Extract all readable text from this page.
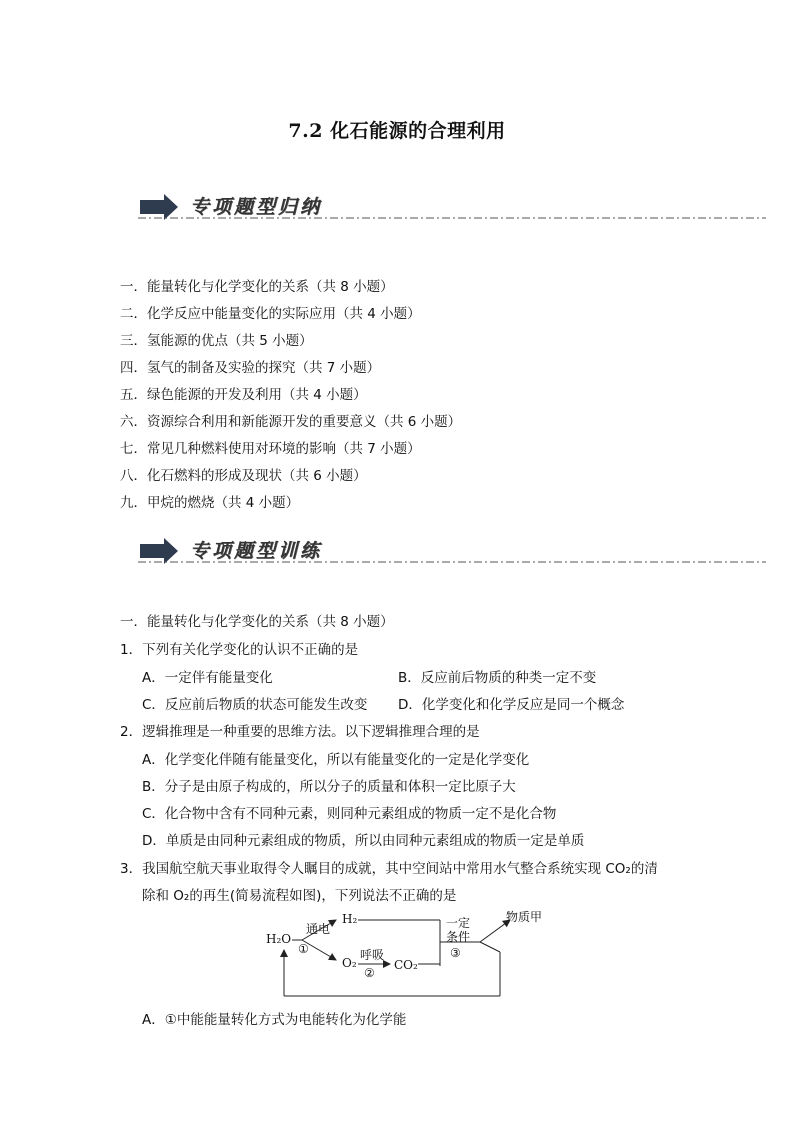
7.2 化石能源的合理利用
专项题型归纳
一．能量转化与化学变化的关系（共 8 小题）
二．化学反应中能量变化的实际应用（共 4 小题）
三．氢能源的优点（共 5 小题）
四．氢气的制备及实验的探究（共 7 小题）
五．绿色能源的开发及利用（共 4 小题）
六．资源综合利用和新能源开发的重要意义（共 6 小题）
七．常见几种燃料使用对环境的影响（共 7 小题）
八．化石燃料的形成及现状（共 6 小题）
九．甲烷的燃烧（共 4 小题）
专项题型训练
一．能量转化与化学变化的关系（共 8 小题）
1．下列有关化学变化的认识不正确的是
A．一定伴有能量变化	B．反应前后物质的种类一定不变
C．反应前后物质的状态可能发生改变 D．化学变化和化学反应是同一个概念
2．逻辑推理是一种重要的思维方法。以下逻辑推理合理的是
A．化学变化伴随有能量变化，所以有能量变化的一定是化学变化
B．分子是由原子构成的，所以分子的质量和体积一定比原子大
C．化合物中含有不同种元素，则同种元素组成的物质一定不是化合物
D．单质是由同种元素组成的物质，所以由同种元素组成的物质一定是单质
3．我国航空航天事业取得令人瞩目的成就，其中空间站中常用水气整合系统实现 CO₂的清
除和 O₂的再生(简易流程如图)，下列说法不正确的是
H₂O
通电
①
H₂
O₂
呼吸
②
CO₂
一定
条件
③
物质甲
A．①中能能量转化方式为电能转化为化学能
